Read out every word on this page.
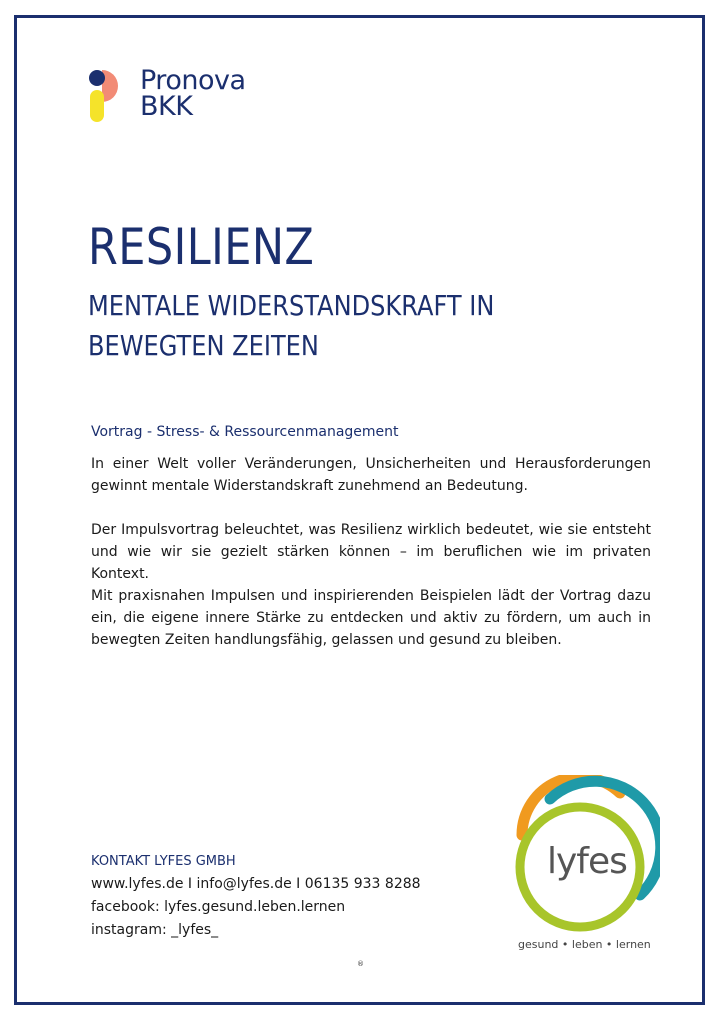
Pronova
BKK
RESILIENZ
MENTALE WIDERSTANDSKRAFT IN BEWEGTEN ZEITEN
Vortrag - Stress- & Ressourcenmanagement

In einer Welt voller Veränderungen, Unsicherheiten und Herausforderungen gewinnt mentale Widerstandskraft zunehmend an Bedeutung.

Der Impulsvortrag beleuchtet, was Resilienz wirklich bedeutet, wie sie entsteht und wie wir sie gezielt stärken können – im beruflichen wie im privaten Kontext.

Mit praxisnahen Impulsen und inspirierenden Beispielen lädt der Vortrag dazu ein, die eigene innere Stärke zu entdecken und aktiv zu fördern, um auch in bewegten Zeiten handlungsfähig, gelassen und gesund zu bleiben.

KONTAKT LYFES GMBH
www.lyfes.de I info@lyfes.de I 06135 933 8288
facebook: lyfes.gesund.leben.lernen
instagram: _lyfes_
lyfes
gesund • leben • lernen
®
